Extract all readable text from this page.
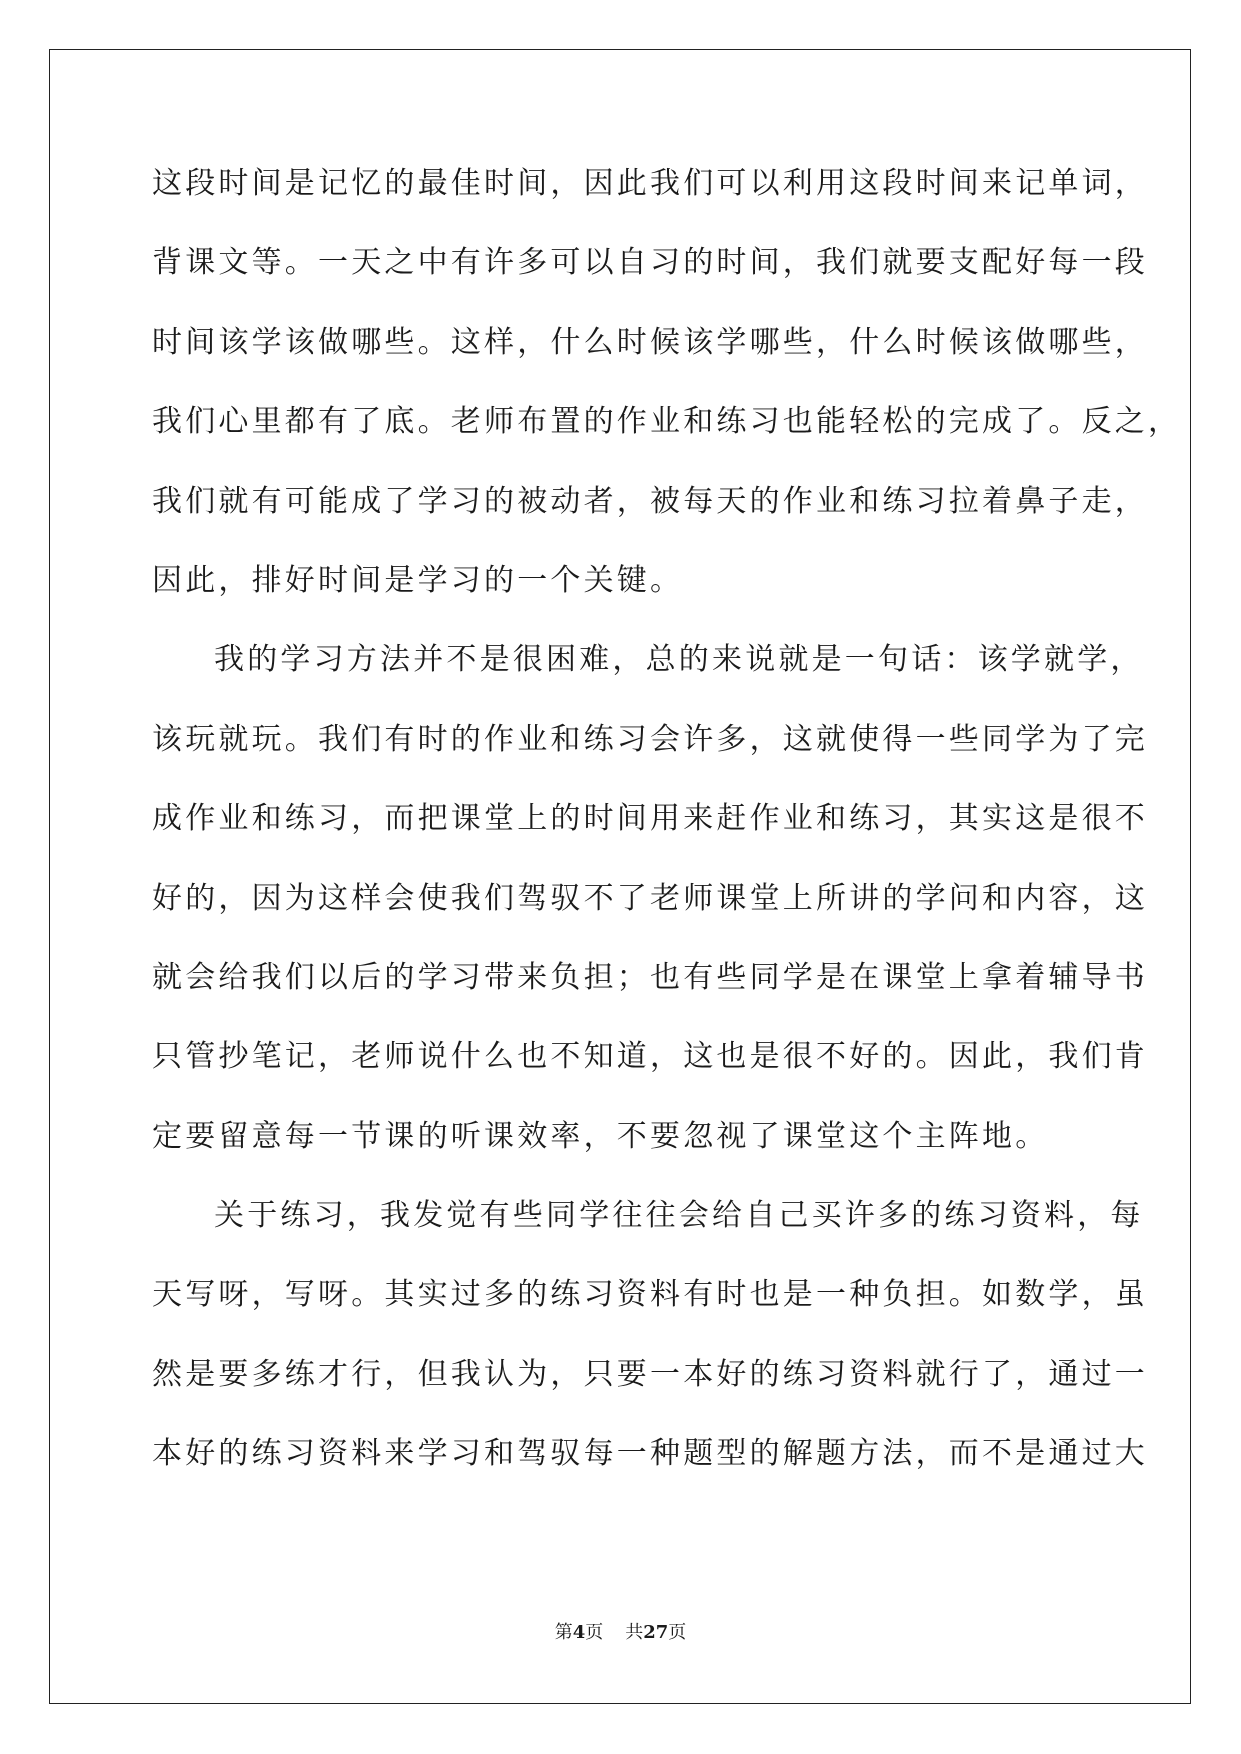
这段时间是记忆的最佳时间，因此我们可以利用这段时间来记单词，
背课文等。一天之中有许多可以自习的时间，我们就要支配好每一段
时间该学该做哪些。这样，什么时候该学哪些，什么时候该做哪些，
我们心里都有了底。老师布置的作业和练习也能轻松的完成了。反之，
我们就有可能成了学习的被动者，被每天的作业和练习拉着鼻子走，
因此，排好时间是学习的一个关键。
我的学习方法并不是很困难，总的来说就是一句话：该学就学，
该玩就玩。我们有时的作业和练习会许多，这就使得一些同学为了完
成作业和练习，而把课堂上的时间用来赶作业和练习，其实这是很不
好的，因为这样会使我们驾驭不了老师课堂上所讲的学问和内容，这
就会给我们以后的学习带来负担；也有些同学是在课堂上拿着辅导书
只管抄笔记，老师说什么也不知道，这也是很不好的。因此，我们肯
定要留意每一节课的听课效率，不要忽视了课堂这个主阵地。
关于练习，我发觉有些同学往往会给自己买许多的练习资料，每
天写呀，写呀。其实过多的练习资料有时也是一种负担。如数学，虽
然是要多练才行，但我认为，只要一本好的练习资料就行了，通过一
本好的练习资料来学习和驾驭每一种题型的解题方法，而不是通过大
第4页 共27页
